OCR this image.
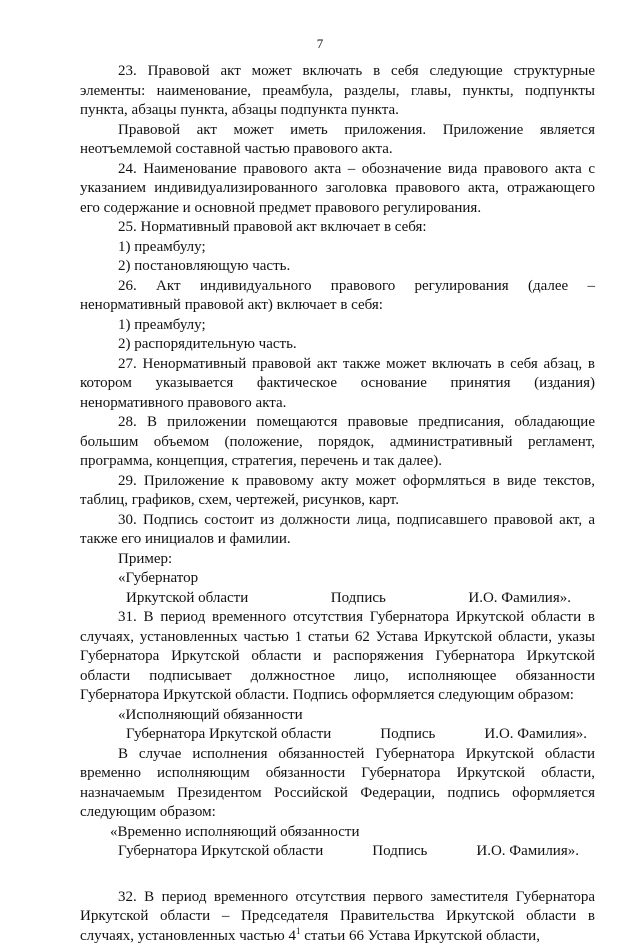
7

23. Правовой акт может включать в себя следующие структурные элементы: наименование, преамбула, разделы, главы, пункты, подпункты пункта, абзацы пункта, абзацы подпункта пункта.

Правовой акт может иметь приложения. Приложение является неотъемлемой составной частью правового акта.

24. Наименование правового акта – обозначение вида правового акта с указанием индивидуализированного заголовка правового акта, отражающего его содержание и основной предмет правового регулирования.

25. Нормативный правовой акт включает в себя:

1) преамбулу;

2) постановляющую часть.

26. Акт индивидуального правового регулирования (далее – ненормативный правовой акт) включает в себя:

1) преамбулу;

2) распорядительную часть.

27. Ненормативный правовой акт также может включать в себя абзац, в котором указывается фактическое основание принятия (издания) ненормативного правового акта.

28. В приложении помещаются правовые предписания, обладающие большим объемом (положение, порядок, административный регламент, программа, концепция, стратегия, перечень и так далее).

29. Приложение к правовому акту может оформляться в виде текстов, таблиц, графиков, схем, чертежей, рисунков, карт.

30. Подпись состоит из должности лица, подписавшего правовой акт, а также его инициалов и фамилии.

Пример:

«Губернатор

Иркутской области	Подпись	И.О. Фамилия».

31. В период временного отсутствия Губернатора Иркутской области в случаях, установленных частью 1 статьи 62 Устава Иркутской области, указы Губернатора Иркутской области и распоряжения Губернатора Иркутской области подписывает должностное лицо, исполняющее обязанности Губернатора Иркутской области. Подпись оформляется следующим образом:

«Исполняющий обязанности

Губернатора Иркутской области	Подпись	И.О. Фамилия».

В случае исполнения обязанностей Губернатора Иркутской области временно исполняющим обязанности Губернатора Иркутской области, назначаемым Президентом Российской Федерации, подпись оформляется следующим образом:

«Временно исполняющий обязанности

Губернатора Иркутской области	Подпись	И.О. Фамилия».

32. В период временного отсутствия первого заместителя Губернатора Иркутской области – Председателя Правительства Иркутской области в случаях, установленных частью $4^1$ статьи 66 Устава Иркутской области,
